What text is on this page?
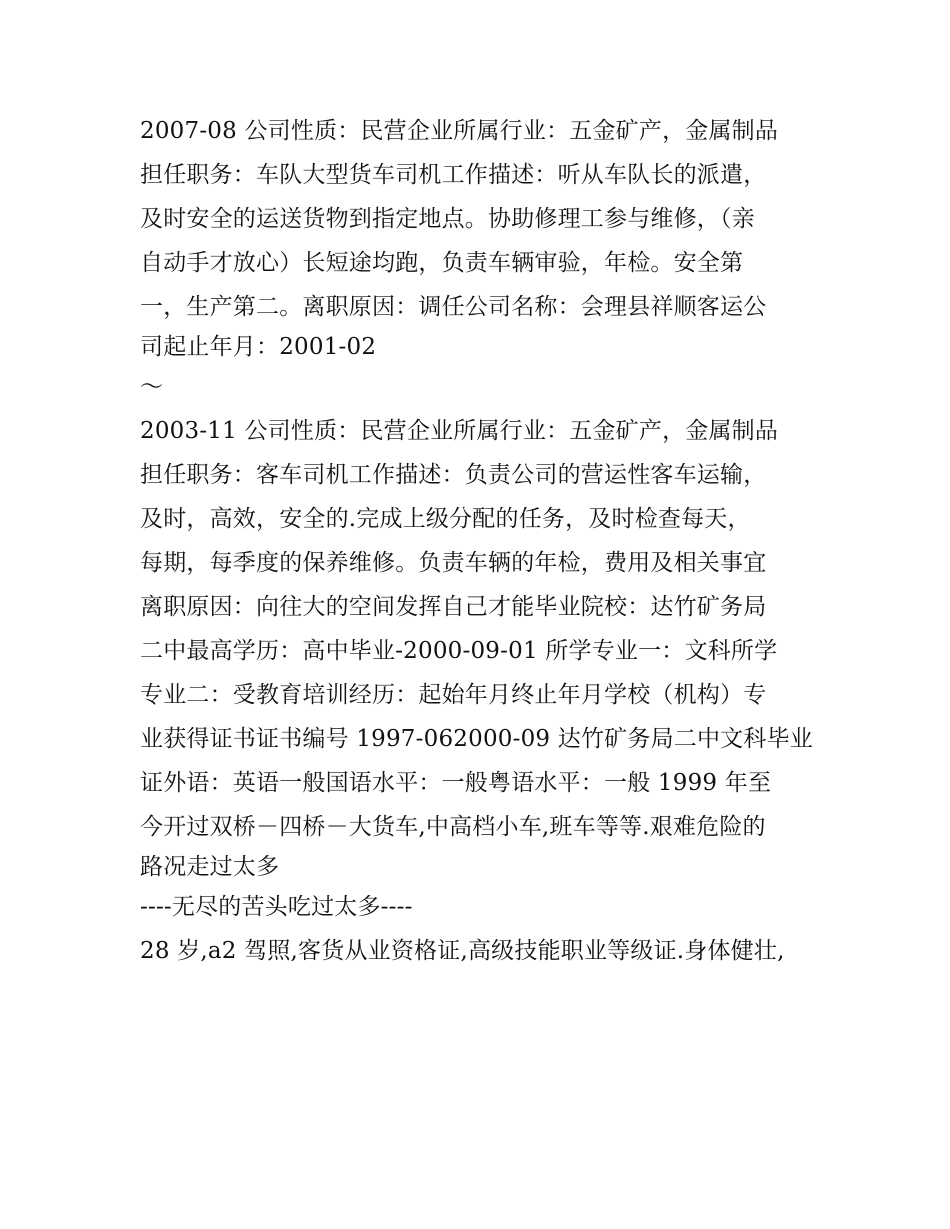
2007-08 公司性质：民营企业所属行业：五金矿产，金属制品
担任职务：车队大型货车司机工作描述：听从车队长的派遣，
及时安全的运送货物到指定地点。协助修理工参与维修，（亲
自动手才放心）长短途均跑，负责车辆审验，年检。安全第
一，生产第二。离职原因：调任公司名称：会理县祥顺客运公
司起止年月：2001-02
～
2003-11 公司性质：民营企业所属行业：五金矿产，金属制品
担任职务：客车司机工作描述：负责公司的营运性客车运输，
及时，高效，安全的.完成上级分配的任务，及时检查每天，
每期，每季度的保养维修。负责车辆的年检，费用及相关事宜
离职原因：向往大的空间发挥自己才能毕业院校：达竹矿务局
二中最高学历：高中毕业-2000-09-01 所学专业一：文科所学
专业二：受教育培训经历：起始年月终止年月学校（机构）专
业获得证书证书编号 1997-062000-09 达竹矿务局二中文科毕业
证外语：英语一般国语水平：一般粤语水平：一般 1999 年至
今开过双桥－四桥－大货车,中高档小车,班车等等.艰难危险的
路况走过太多
----无尽的苦头吃过太多----
28 岁,a2 驾照,客货从业资格证,高级技能职业等级证.身体健壮,
